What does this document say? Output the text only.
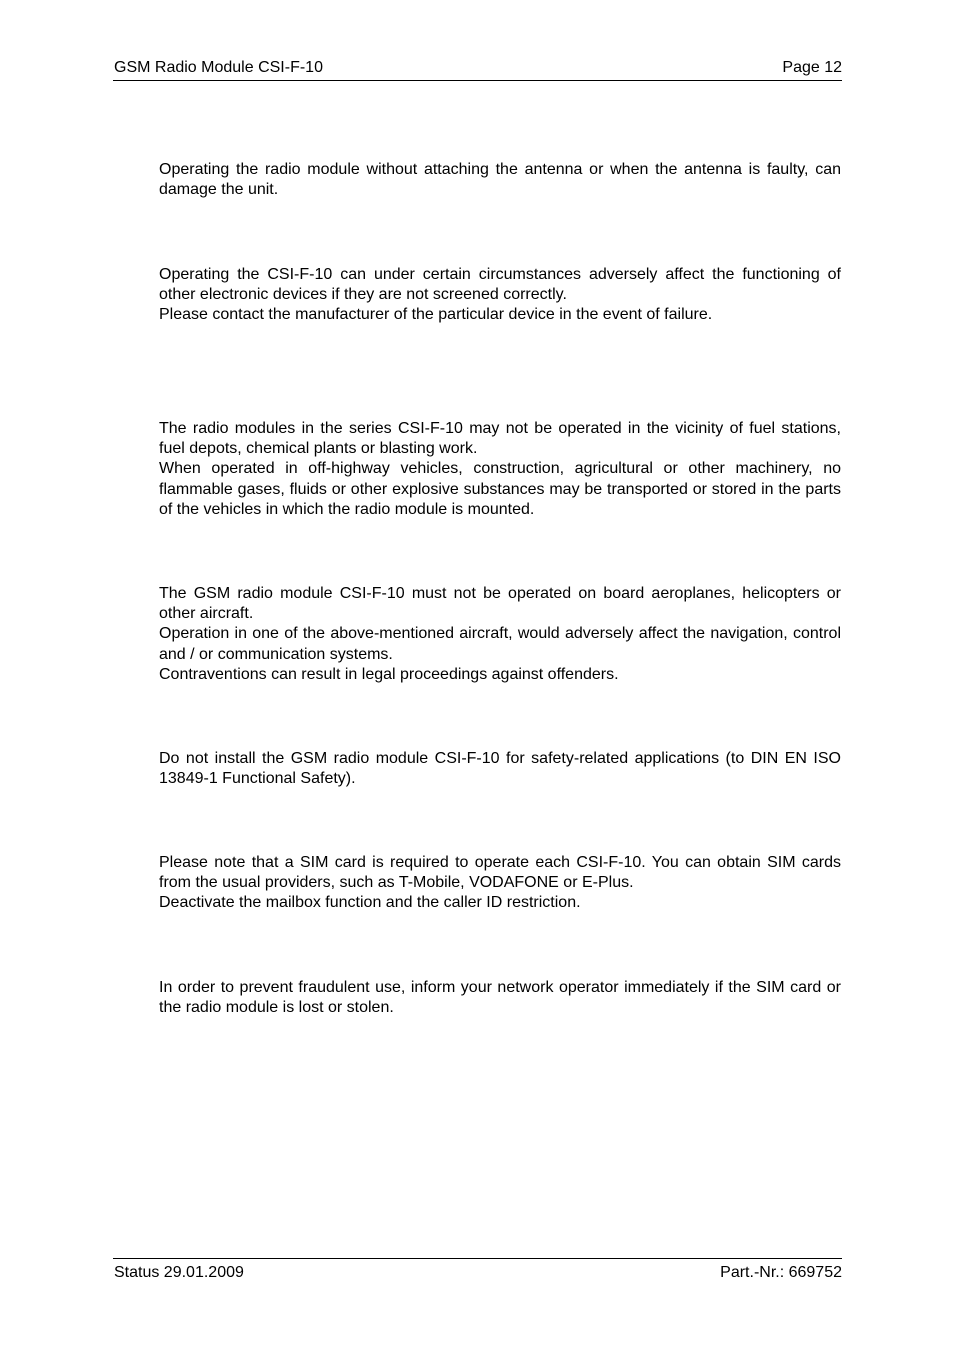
GSM Radio Module CSI-F-10	Page 12
Operating the radio module without attaching the antenna or when the antenna is faulty, can damage the unit.
Operating the CSI-F-10 can under certain circumstances adversely affect the functioning of other electronic devices if they are not screened correctly.
Please contact the manufacturer of the particular device in the event of failure.
The radio modules in the series CSI-F-10 may not be operated in the vicinity of fuel stations, fuel depots, chemical plants or blasting work.
When operated in off-highway vehicles, construction, agricultural or other machinery, no flammable gases, fluids or other explosive substances may be transported or stored in the parts of the vehicles in which the radio module is mounted.
The GSM radio module CSI-F-10 must not be operated on board aeroplanes, helicopters or other aircraft.
Operation in one of the above-mentioned aircraft, would adversely affect the navigation, control and / or communication systems.
Contraventions can result in legal proceedings against offenders.
Do not install the GSM radio module CSI-F-10 for safety-related applications (to DIN EN ISO 13849-1 Functional Safety).
Please note that a SIM card is required to operate each CSI-F-10. You can obtain SIM cards from the usual providers, such as T-Mobile, VODAFONE or E-Plus.
Deactivate the mailbox function and the caller ID restriction.
In order to prevent fraudulent use, inform your network operator immediately if the SIM card or the radio module is lost or stolen.
Status 29.01.2009	Part.-Nr.: 669752
